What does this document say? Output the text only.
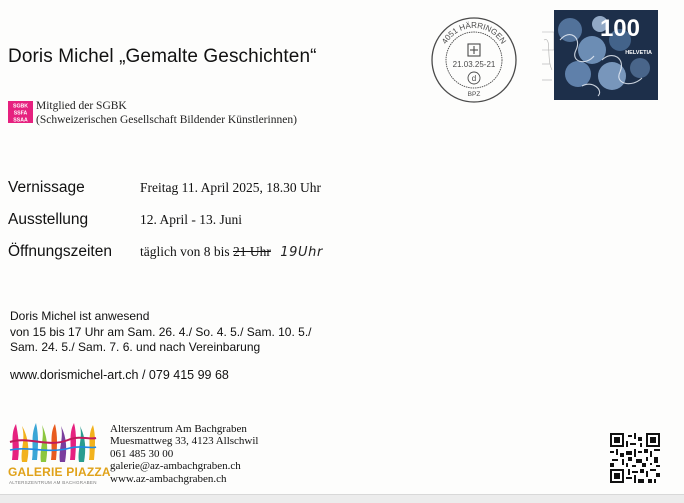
Doris Michel „Gemalte Geschichten“
SGBK
SSFA
SSAA
Mitglied der SGBK
(Schweizerischen Gesellschaft Bildender Künstlerinnen)
Vernissage	Freitag 11. April 2025, 18.30 Uhr
Ausstellung	12. April - 13. Juni
Öffnungszeiten täglich von 8 bis 21 Uhr 19Uhr
Doris Michel ist anwesend
von 15 bis 17 Uhr am Sam. 26. 4./ So. 4. 5./ Sam. 10. 5./
Sam. 24. 5./ Sam. 7. 6. und nach Vereinbarung
www.dorismichel-art.ch / 079 415 99 68
GALERIE PIAZZA
ALTERSZENTRUM AM BACHGRABEN
Alterszentrum Am Bachgraben
Muesmattweg 33, 4123 Allschwil
061 485 30 00
galerie@az-ambachgraben.ch
www.az-ambachgraben.ch
4051 HÄRRINGEN
21.03.25-21
d
BPZ
100
HELVETIA
